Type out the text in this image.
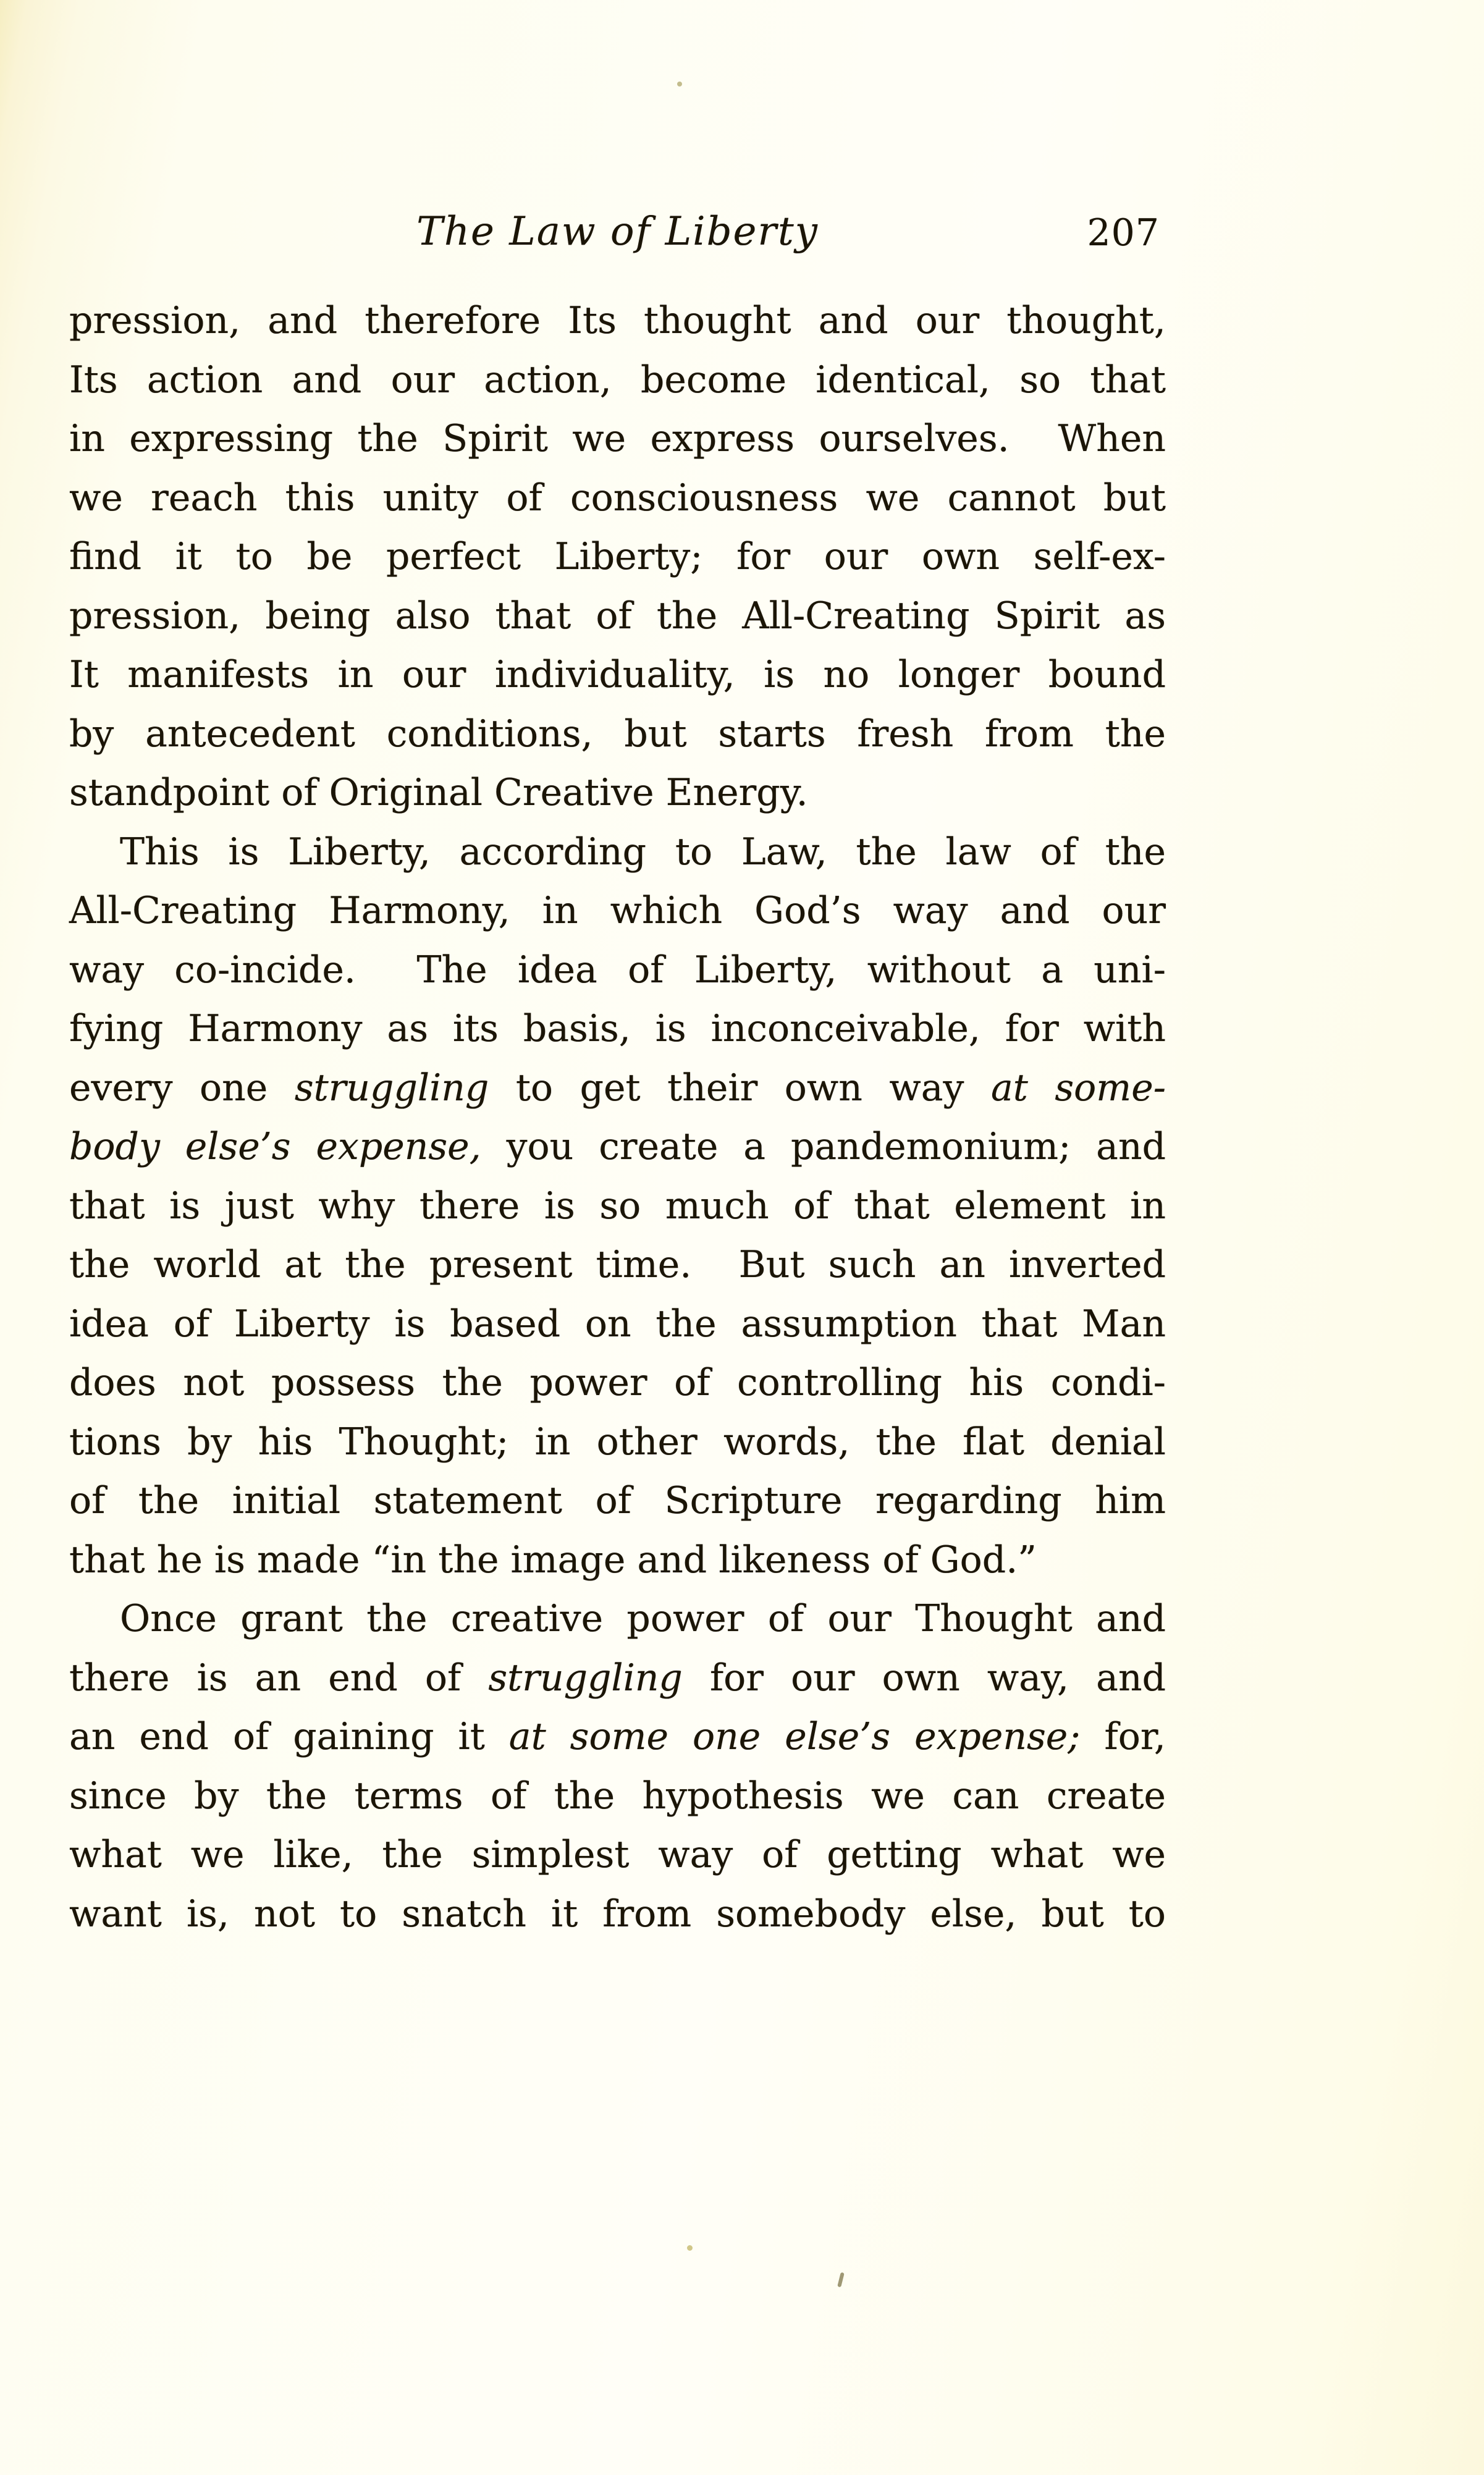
The Law of Liberty	207
pression, and therefore Its thought and our thought,
Its action and our action, become identical, so that
in expressing the Spirit we express ourselves.  When
we reach this unity of consciousness we cannot but
find it to be perfect Liberty; for our own self-ex-
pression, being also that of the All-Creating Spirit as
It manifests in our individuality, is no longer bound
by antecedent conditions, but starts fresh from the
standpoint of Original Creative Energy.
This is Liberty, according to Law, the law of the
All-Creating Harmony, in which God’s way and our
way co-incide.  The idea of Liberty, without a uni-
fying Harmony as its basis, is inconceivable, for with
every one struggling to get their own way at some-
body else’s expense, you create a pandemonium; and
that is just why there is so much of that element in
the world at the present time.  But such an inverted
idea of Liberty is based on the assumption that Man
does not possess the power of controlling his condi-
tions by his Thought; in other words, the flat denial
of the initial statement of Scripture regarding him
that he is made “in the image and likeness of God.”
Once grant the creative power of our Thought and
there is an end of struggling for our own way, and
an end of gaining it at some one else’s expense; for,
since by the terms of the hypothesis we can create
what we like, the simplest way of getting what we
want is, not to snatch it from somebody else, but to
